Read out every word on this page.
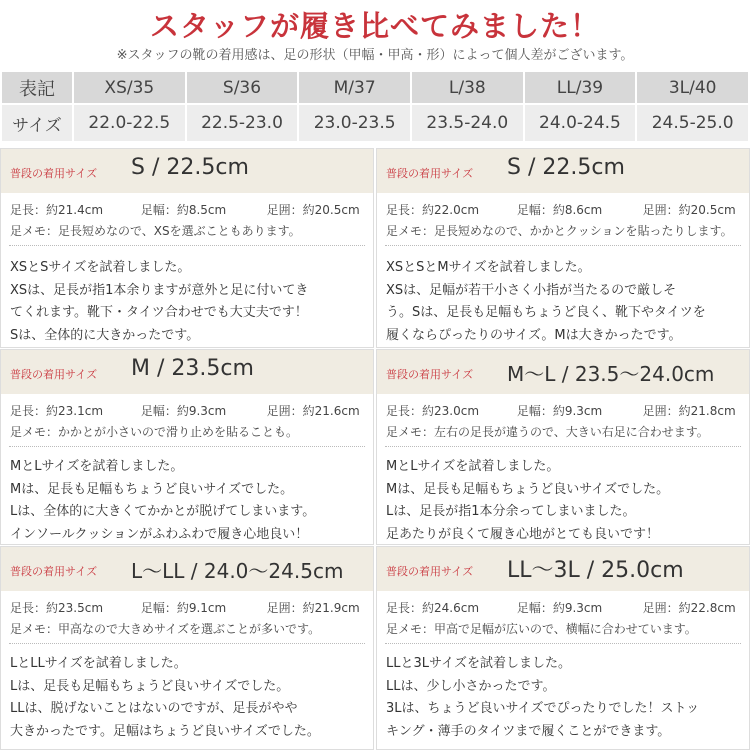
スタッフが履き比べてみました！
※スタッフの靴の着用感は、足の形状（甲幅・甲高・形）によって個人差がございます。
表記	XS/35	S/36	M/37	L/38	LL/39	3L/40
サイズ	22.0-22.5	22.5-23.0	23.0-23.5	23.5-24.0	24.0-24.5	24.5-25.0
普段の着用サイズ S / 22.5cm
足長：約21.4cm	足幅：約8.5cm	足囲：約20.5cm
足メモ：足長短めなので、XSを選ぶこともあります。
XSとSサイズを試着しました。
XSは、足長が指1本余りますが意外と足に付いてき
てくれます。靴下・タイツ合わせでも大丈夫です！
Sは、全体的に大きかったです。
普段の着用サイズ S / 22.5cm
足長：約22.0cm	足幅：約8.6cm	足囲：約20.5cm
足メモ：足長短めなので、かかとクッションを貼ったりします。
XSとSとMサイズを試着しました。
XSは、足幅が若干小さく小指が当たるので厳しそ
う。Sは、足長も足幅もちょうど良く、靴下やタイツを
履くならぴったりのサイズ。Mは大きかったです。
普段の着用サイズ M / 23.5cm
足長：約23.1cm	足幅：約9.3cm	足囲：約21.6cm
足メモ：かかとが小さいので滑り止めを貼ることも。
MとLサイズを試着しました。
Mは、足長も足幅もちょうど良いサイズでした。
Lは、全体的に大きくてかかとが脱げてしまいます。
インソールクッションがふわふわで履き心地良い！
普段の着用サイズ M〜L / 23.5〜24.0cm
足長：約23.0cm	足幅：約9.3cm	足囲：約21.8cm
足メモ：左右の足長が違うので、大きい右足に合わせます。
MとLサイズを試着しました。
Mは、足長も足幅もちょうど良いサイズでした。
Lは、足長が指1本分余ってしまいました。
足あたりが良くて履き心地がとても良いです！
普段の着用サイズ L〜LL / 24.0〜24.5cm
足長：約23.5cm	足幅：約9.1cm	足囲：約21.9cm
足メモ：甲高なので大きめサイズを選ぶことが多いです。
LとLLサイズを試着しました。
Lは、足長も足幅もちょうど良いサイズでした。
LLは、脱げないことはないのですが、足長がやや
大きかったです。足幅はちょうど良いサイズでした。
普段の着用サイズ LL〜3L / 25.0cm
足長：約24.6cm	足幅：約9.3cm	足囲：約22.8cm
足メモ：甲高で足幅が広いので、横幅に合わせています。
LLと3Lサイズを試着しました。
LLは、少し小さかったです。
3Lは、ちょうど良いサイズでぴったりでした！ストッ
キング・薄手のタイツまで履くことができます。
